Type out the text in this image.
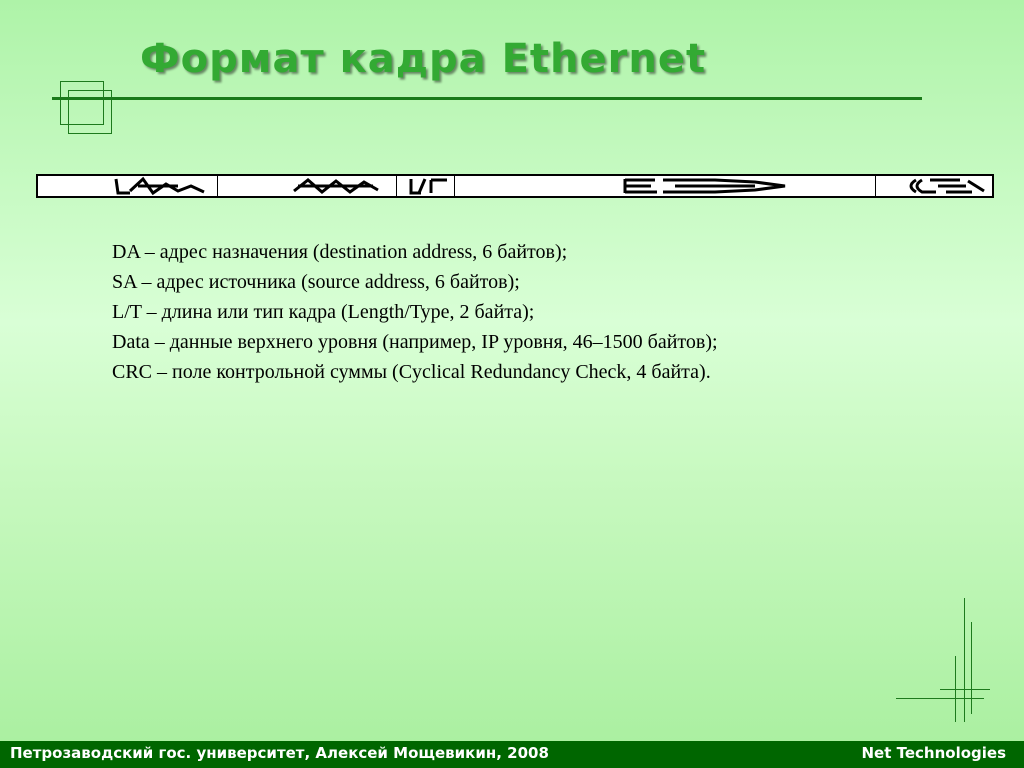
Формат кадра Ethernet
DA – адрес назначения (destination address, 6 байтов);
SA – адрес источника (source address, 6 байтов);
L/T – длина или тип кадра (Length/Type, 2 байта);
Data – данные верхнего уровня (например, IP уровня, 46–1500 байтов);
CRC – поле контрольной суммы (Cyclical Redundancy Check, 4 байта).
Петрозаводский гос. университет, Алексей Мощевикин, 2008	Net Technologies
